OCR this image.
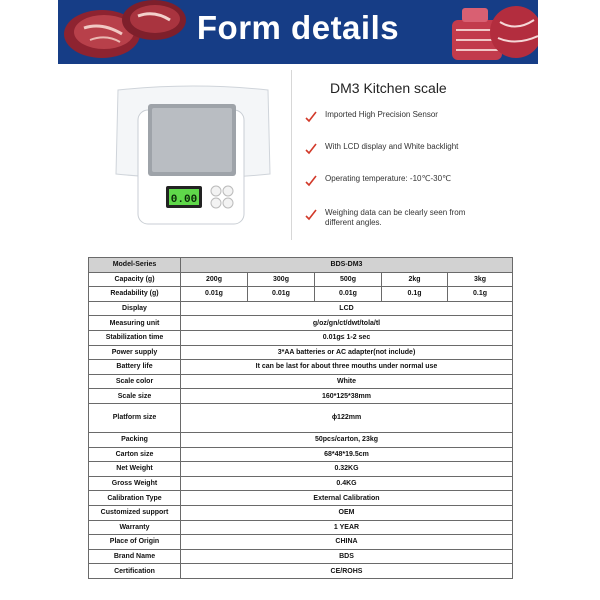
Form details
0.00
DM3 Kitchen scale
Imported High Precision Sensor
With LCD display and White backlight
Operating temperature: -10℃-30℃
Weighing data can be clearly seen from different angles.
Model-Series	BDS-DM3				
Capacity (g)	200g	300g	500g	2kg	3kg
Readability (g)	0.01g	0.01g	0.01g	0.1g	0.1g
Display	LCD				
Measuring unit	g/oz/gn/ct/dwt/tola/tl				
Stabilization time	0.01g≤ 1-2 sec				
Power supply	3*AA batteries or AC adapter(not include)				
Battery life	It can be last for about three mouths under normal use				
Scale color	White				
Scale size	160*125*38mm				
Platform size	ϕ122mm				
Packing	50pcs/carton, 23kg				
Carton size	68*48*19.5cm				
Net Weight	0.32KG				
Gross Weight	0.4KG				
Calibration Type	External Calibration				
Customized support	OEM				
Warranty	1 YEAR				
Place of Origin	CHINA				
Brand Name	BDS				
Certification	CE/ROHS				
